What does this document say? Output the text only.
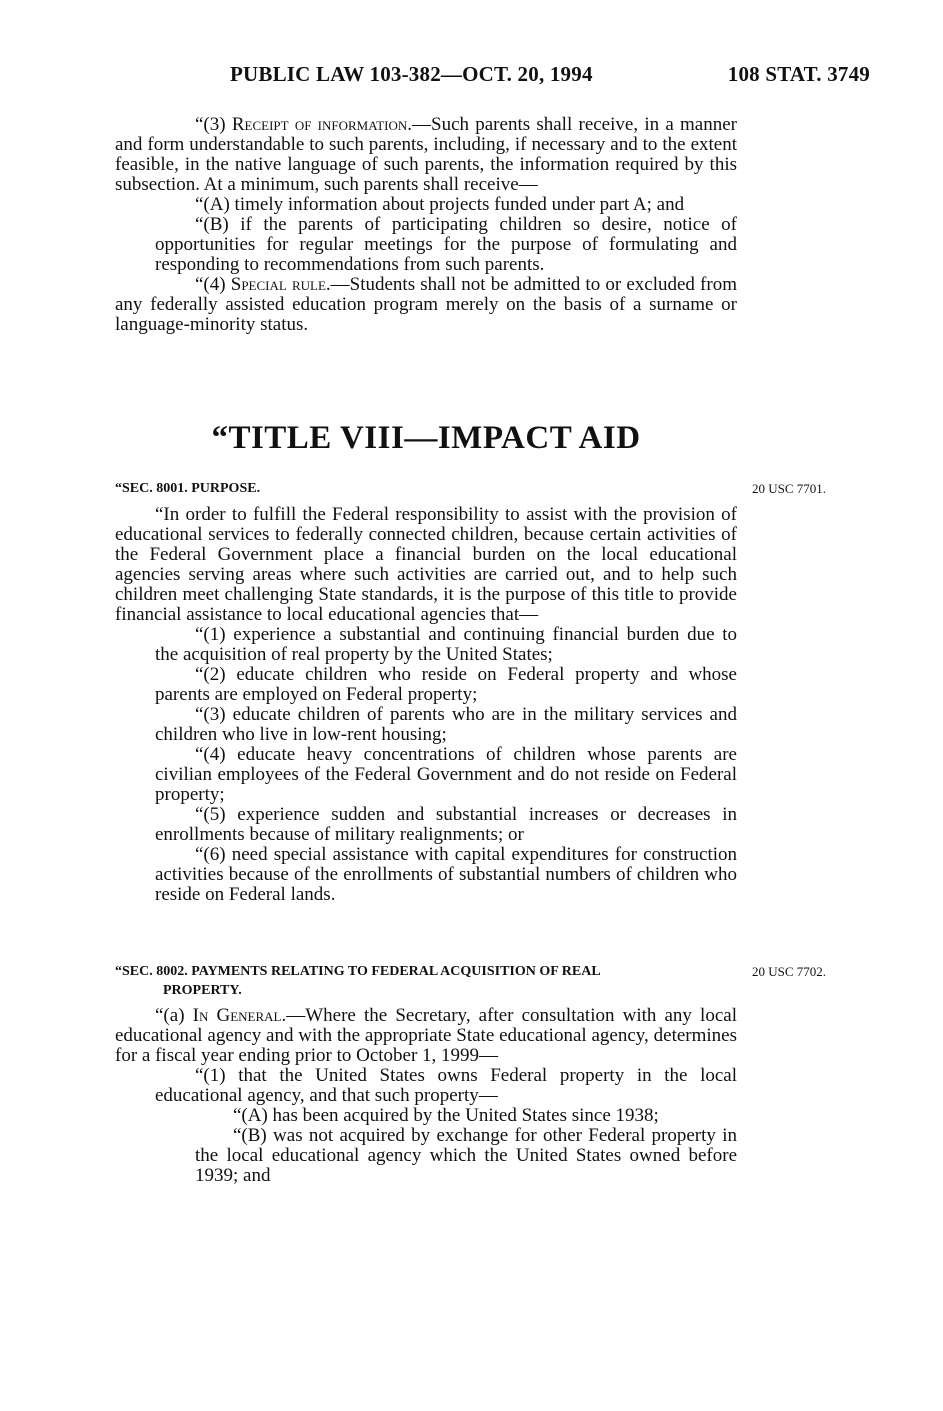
PUBLIC LAW 103-382—OCT. 20, 1994	108 STAT. 3749

“(3) Receipt of information.—Such parents shall receive, in a manner and form understandable to such parents, including, if necessary and to the extent feasible, in the native language of such parents, the information required by this subsection. At a minimum, such parents shall receive—

“(A) timely information about projects funded under part A; and

“(B) if the parents of participating children so desire, notice of opportunities for regular meetings for the purpose of formulating and responding to recommendations from such parents.

“(4) Special rule.—Students shall not be admitted to or excluded from any federally assisted education program merely on the basis of a surname or language-minority status.

“TITLE VIII—IMPACT AID
“SEC. 8001. PURPOSE.	20 USC 7701.

“In order to fulfill the Federal responsibility to assist with the provision of educational services to federally connected children, because certain activities of the Federal Government place a financial burden on the local educational agencies serving areas where such activities are carried out, and to help such children meet challenging State standards, it is the purpose of this title to provide financial assistance to local educational agencies that—

“(1) experience a substantial and continuing financial burden due to the acquisition of real property by the United States;

“(2) educate children who reside on Federal property and whose parents are employed on Federal property;

“(3) educate children of parents who are in the military services and children who live in low-rent housing;

“(4) educate heavy concentrations of children whose parents are civilian employees of the Federal Government and do not reside on Federal property;

“(5) experience sudden and substantial increases or decreases in enrollments because of military realignments; or

“(6) need special assistance with capital expenditures for construction activities because of the enrollments of substantial numbers of children who reside on Federal lands.

“SEC. 8002. PAYMENTS RELATING TO FEDERAL ACQUISITION OF REAL
PROPERTY.
20 USC 7702.

“(a) In General.—Where the Secretary, after consultation with any local educational agency and with the appropriate State educational agency, determines for a fiscal year ending prior to October 1, 1999—

“(1) that the United States owns Federal property in the local educational agency, and that such property—

“(A) has been acquired by the United States since 1938;

“(B) was not acquired by exchange for other Federal property in the local educational agency which the United States owned before 1939; and
